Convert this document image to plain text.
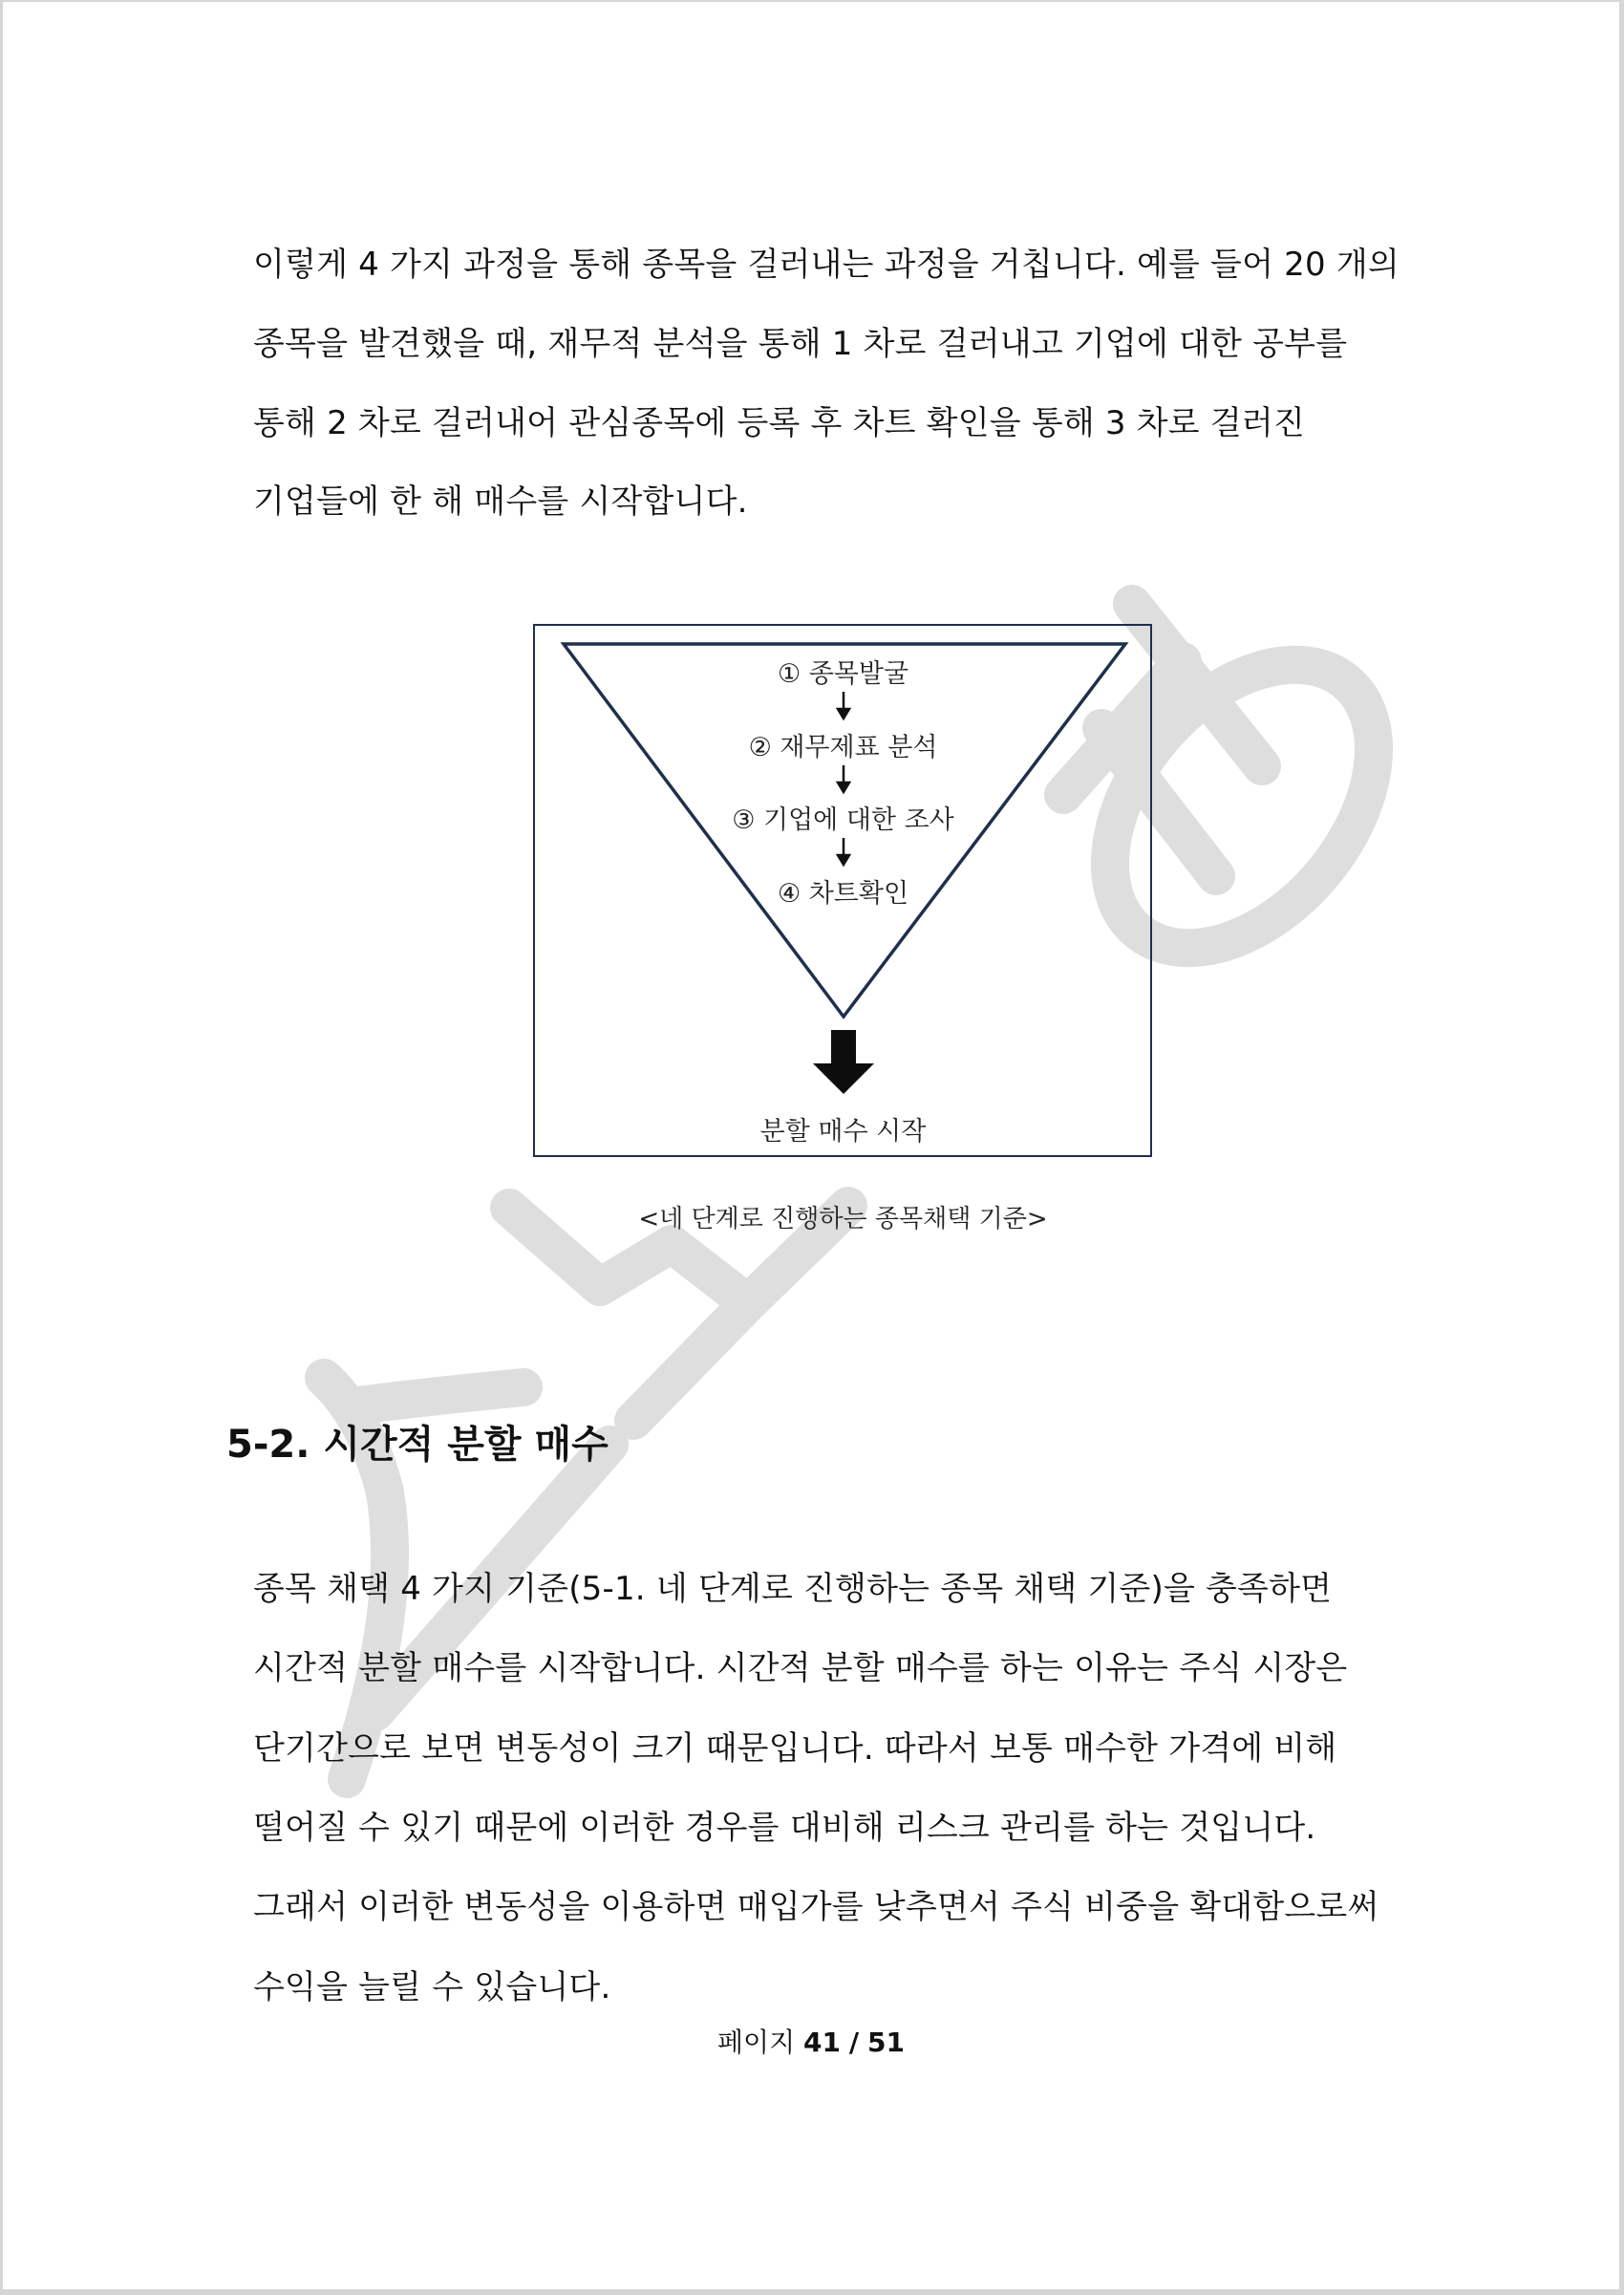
이렇게 4 가지 과정을 통해 종목을 걸러내는 과정을 거칩니다. 예를 들어 20 개의
종목을 발견했을 때, 재무적 분석을 통해 1 차로 걸러내고 기업에 대한 공부를
통해 2 차로 걸러내어 관심종목에 등록 후 차트 확인을 통해 3 차로 걸러진
기업들에 한 해 매수를 시작합니다.
① 종목발굴
② 재무제표 분석
③ 기업에 대한 조사
④ 차트확인
분할 매수 시작
<네 단계로 진행하는 종목채택 기준>
5-2. 시간적 분할 매수
종목 채택 4 가지 기준(5-1. 네 단계로 진행하는 종목 채택 기준)을 충족하면
시간적 분할 매수를 시작합니다. 시간적 분할 매수를 하는 이유는 주식 시장은
단기간으로 보면 변동성이 크기 때문입니다. 따라서 보통 매수한 가격에 비해
떨어질 수 있기 때문에 이러한 경우를 대비해 리스크 관리를 하는 것입니다.
그래서 이러한 변동성을 이용하면 매입가를 낮추면서 주식 비중을 확대함으로써
수익을 늘릴 수 있습니다.
페이지 41 / 51
